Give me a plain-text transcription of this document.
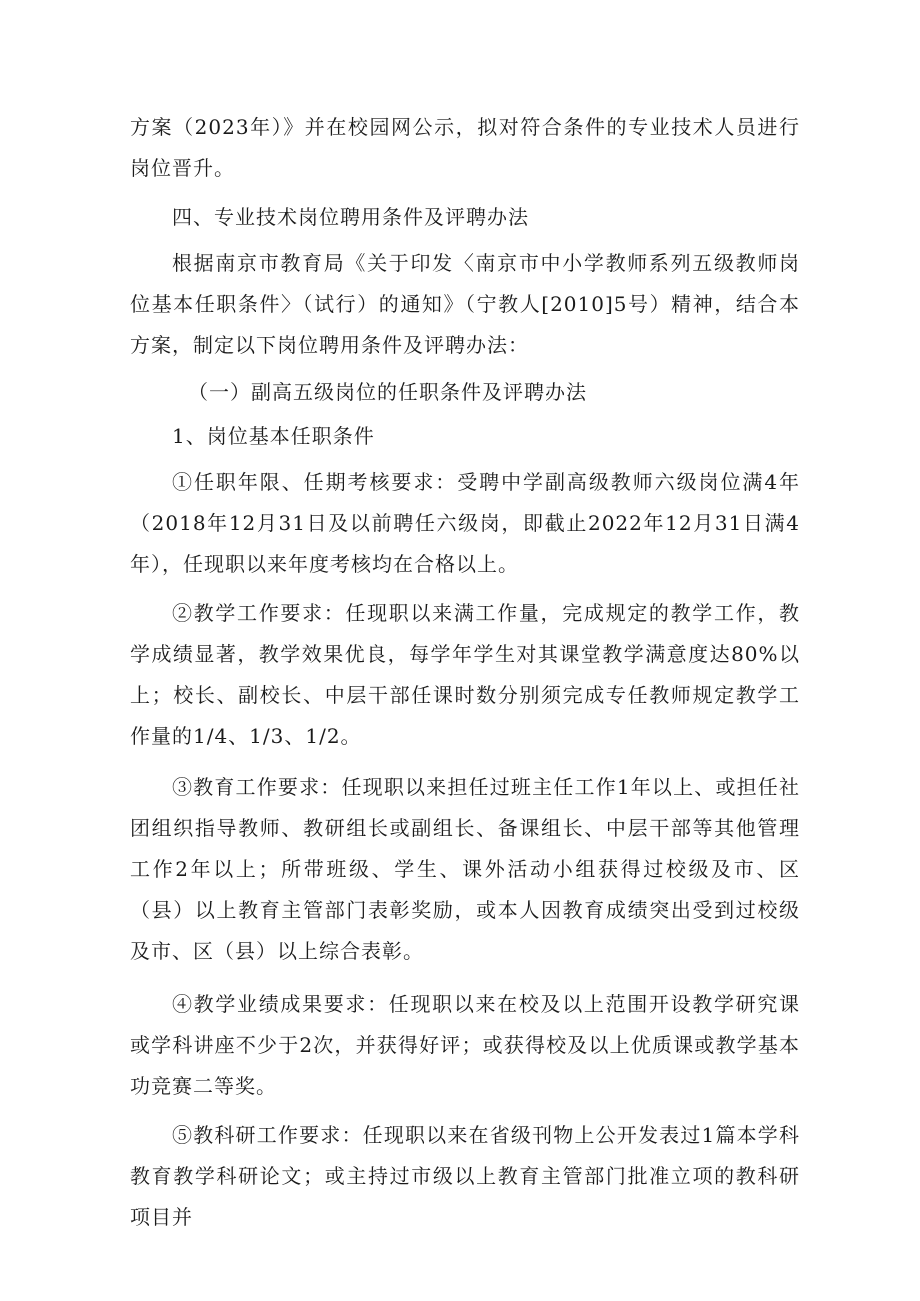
方案（2023年）》并在校园网公示，拟对符合条件的专业技术人员进行岗位晋升。

四、专业技术岗位聘用条件及评聘办法

根据南京市教育局《关于印发〈南京市中小学教师系列五级教师岗位基本任职条件〉（试行）的通知》（宁教人[2010]5号）精神，结合本方案，制定以下岗位聘用条件及评聘办法：

（一）副高五级岗位的任职条件及评聘办法

1、岗位基本任职条件

①任职年限、任期考核要求：受聘中学副高级教师六级岗位满4年（2018年12月31日及以前聘任六级岗，即截止2022年12月31日满4年），任现职以来年度考核均在合格以上。

②教学工作要求：任现职以来满工作量，完成规定的教学工作，教学成绩显著，教学效果优良，每学年学生对其课堂教学满意度达80%以上；校长、副校长、中层干部任课时数分别须完成专任教师规定教学工作量的1/4、1/3、1/2。

③教育工作要求：任现职以来担任过班主任工作1年以上、或担任社团组织指导教师、教研组长或副组长、备课组长、中层干部等其他管理工作2年以上；所带班级、学生、课外活动小组获得过校级及市、区（县）以上教育主管部门表彰奖励，或本人因教育成绩突出受到过校级及市、区（县）以上综合表彰。

④教学业绩成果要求：任现职以来在校及以上范围开设教学研究课或学科讲座不少于2次，并获得好评；或获得校及以上优质课或教学基本功竞赛二等奖。

⑤教科研工作要求：任现职以来在省级刊物上公开发表过1篇本学科教育教学科研论文；或主持过市级以上教育主管部门批准立项的教科研项目并
